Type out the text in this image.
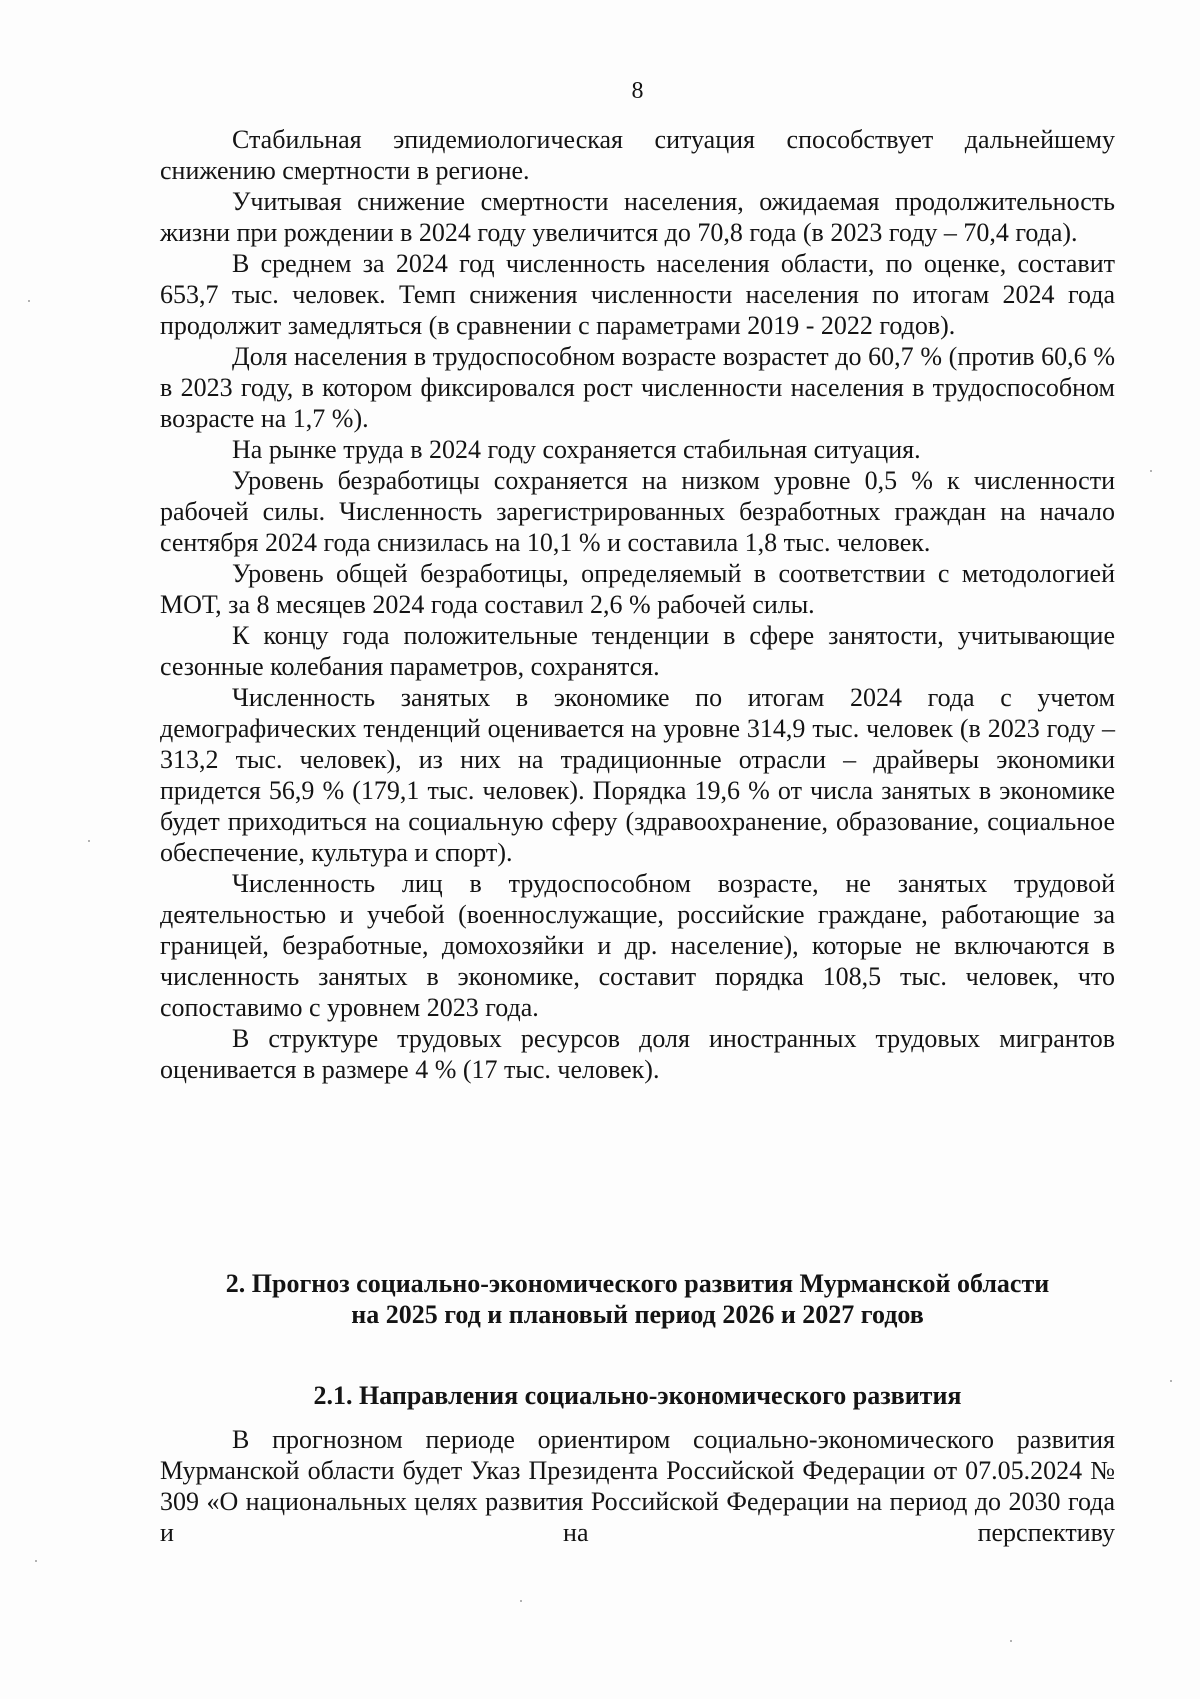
8

Стабильная эпидемиологическая ситуация способствует дальнейшему снижению смертности в регионе.

Учитывая снижение смертности населения, ожидаемая продолжительность жизни при рождении в 2024 году увеличится до 70,8 года (в 2023 году – 70,4 года).

В среднем за 2024 год численность населения области, по оценке, составит 653,7 тыс. человек. Темп снижения численности населения по итогам 2024 года продолжит замедляться (в сравнении с параметрами 2019 - 2022 годов).

Доля населения в трудоспособном возрасте возрастет до 60,7 % (против 60,6 % в 2023 году, в котором фиксировался рост численности населения в трудоспособном возрасте на 1,7 %).

На рынке труда в 2024 году сохраняется стабильная ситуация.

Уровень безработицы сохраняется на низком уровне 0,5 % к численности рабочей силы. Численность зарегистрированных безработных граждан на начало сентября 2024 года снизилась на 10,1 % и составила 1,8 тыс. человек.

Уровень общей безработицы, определяемый в соответствии с методологией МОТ, за 8 месяцев 2024 года составил 2,6 % рабочей силы.

К концу года положительные тенденции в сфере занятости, учитывающие сезонные колебания параметров, сохранятся.

Численность занятых в экономике по итогам 2024 года с учетом демографических тенденций оценивается на уровне 314,9 тыс. человек (в 2023 году – 313,2 тыс. человек), из них на традиционные отрасли – драйверы экономики придется 56,9 % (179,1 тыс. человек). Порядка 19,6 % от числа занятых в экономике будет приходиться на социальную сферу (здравоохранение, образование, социальное обеспечение, культура и спорт).

Численность лиц в трудоспособном возрасте, не занятых трудовой деятельностью и учебой (военнослужащие, российские граждане, работающие за границей, безработные, домохозяйки и др. население), которые не включаются в численность занятых в экономике, составит порядка 108,5 тыс. человек, что сопоставимо с уровнем 2023 года.

В структуре трудовых ресурсов доля иностранных трудовых мигрантов оценивается в размере 4 % (17 тыс. человек).

2. Прогноз социально-экономического развития Мурманской области
на 2025 год и плановый период 2026 и 2027 годов
2.1. Направления социально-экономического развития

В прогнозном периоде ориентиром социально-экономического развития Мурманской области будет Указ Президента Российской Федерации от 07.05.2024 № 309 «О национальных целях развития Российской Федерации на период до 2030 года и на перспективу
